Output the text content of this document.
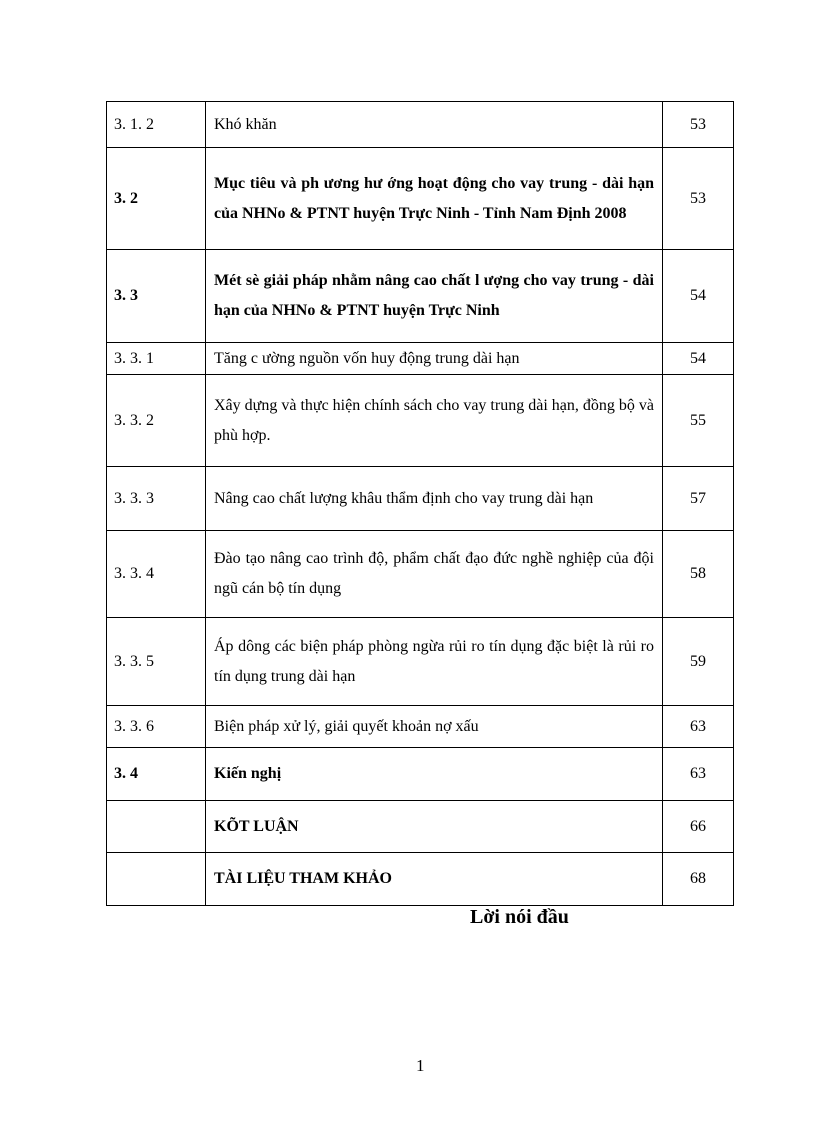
3. 1. 2	Khó khăn	53
3. 2	Mục tiêu và ph ương hư ớng hoạt động cho vay trung - dài hạn của NHNo & PTNT huyện Trực Ninh - Tỉnh Nam Định 2008	53
3. 3	Mét sè giải pháp nhằm nâng cao chất l ượng cho vay trung - dài hạn của NHNo & PTNT huyện Trực Ninh	54
3. 3. 1	Tăng c ường nguồn vốn huy động trung dài hạn	54
3. 3. 2	Xây dựng và thực hiện chính sách cho vay trung dài hạn, đồng bộ và phù hợp.	55
3. 3. 3	Nâng cao chất lượng khâu thẩm định cho vay trung dài hạn	57
3. 3. 4	Đào tạo nâng cao trình độ, phẩm chất đạo đức nghề nghiệp của đội ngũ cán bộ tín dụng	58
3. 3. 5	Áp dông các biện pháp phòng ngừa rủi ro tín dụng đặc biệt là rủi ro tín dụng trung dài hạn	59
3. 3. 6	Biện pháp xử lý, giải quyết khoản nợ xấu	63
3. 4	Kiến nghị	63
	KÕT LUẬN	66
	TÀI LIỆU THAM KHẢO	68
Lời nói đầu
1
